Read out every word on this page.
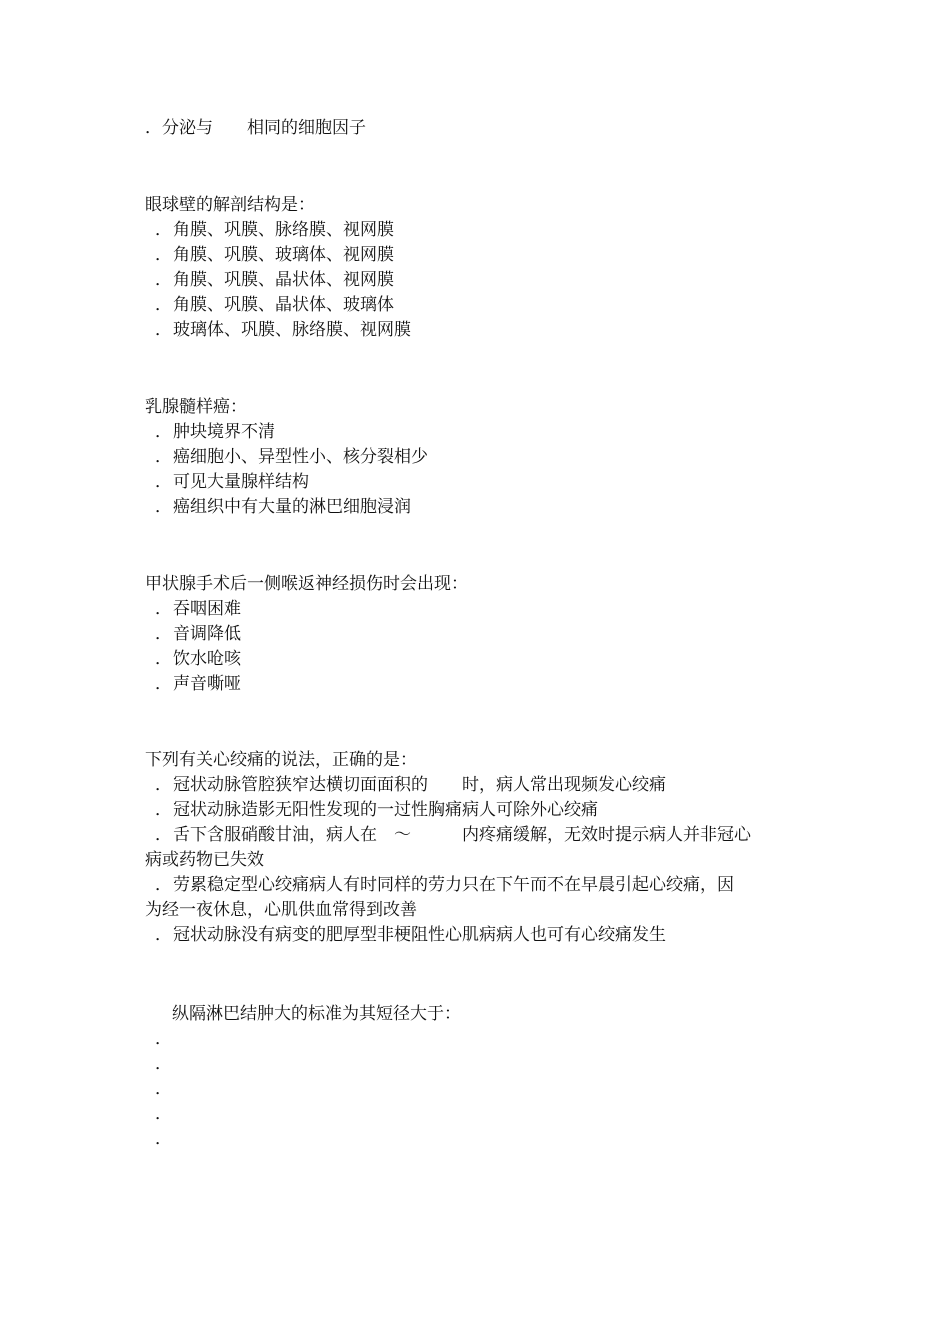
．分泌与　　相同的细胞因子
眼球壁的解剖结构是：
．角膜、巩膜、脉络膜、视网膜
．角膜、巩膜、玻璃体、视网膜
．角膜、巩膜、晶状体、视网膜
．角膜、巩膜、晶状体、玻璃体
．玻璃体、巩膜、脉络膜、视网膜
乳腺髓样癌：
．肿块境界不清
．癌细胞小、异型性小、核分裂相少
．可见大量腺样结构
．癌组织中有大量的淋巴细胞浸润
甲状腺手术后一侧喉返神经损伤时会出现：
．吞咽困难
．音调降低
．饮水呛咳
．声音嘶哑
下列有关心绞痛的说法，正确的是：
．冠状动脉管腔狭窄达横切面面积的　　时，病人常出现频发心绞痛
．冠状动脉造影无阳性发现的一过性胸痛病人可除外心绞痛
．舌下含服硝酸甘油，病人在　～　　　内疼痛缓解，无效时提示病人并非冠心
病或药物已失效
．劳累稳定型心绞痛病人有时同样的劳力只在下午而不在早晨引起心绞痛，因
为经一夜休息，心肌供血常得到改善
．冠状动脉没有病变的肥厚型非梗阻性心肌病病人也可有心绞痛发生
纵隔淋巴结肿大的标准为其短径大于：
．
．
．
．
．
